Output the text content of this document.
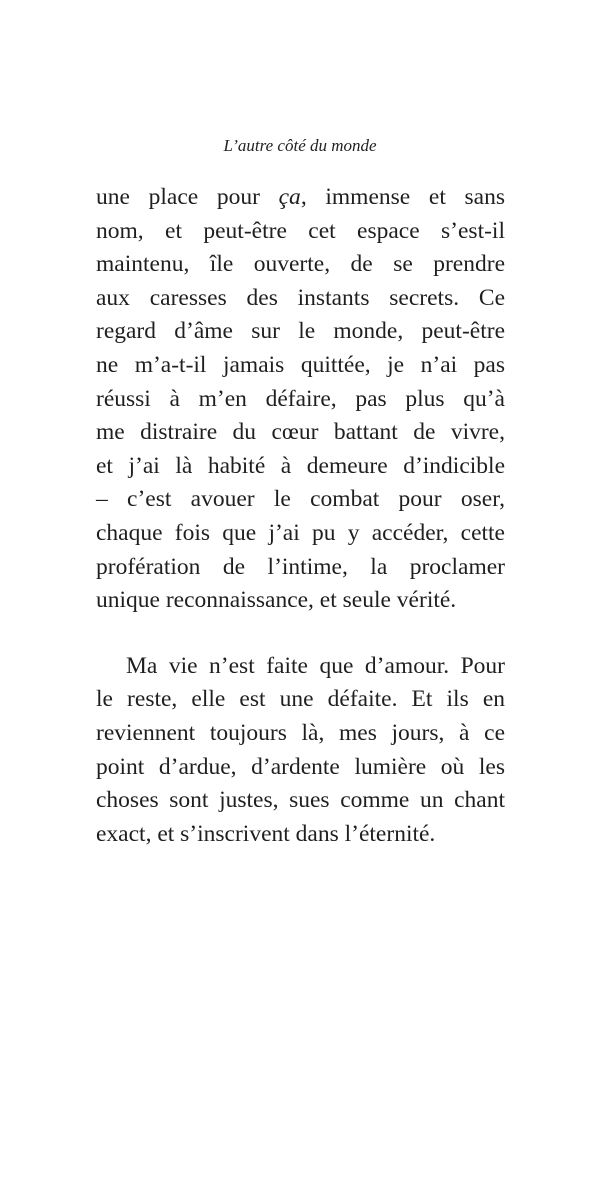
L’autre côté du monde
une place pour ça, immense et sans
nom, et peut-être cet espace s’est-il
maintenu, île ouverte, de se prendre
aux caresses des instants secrets. Ce
regard d’âme sur le monde, peut-être
ne m’a-t-il jamais quittée, je n’ai pas
réussi à m’en défaire, pas plus qu’à
me distraire du cœur battant de vivre,
et j’ai là habité à demeure d’indicible
– c’est avouer le combat pour oser,
chaque fois que j’ai pu y accéder, cette
profération de l’intime, la proclamer
unique reconnaissance, et seule vérité.
Ma vie n’est faite que d’amour. Pour
le reste, elle est une défaite. Et ils en
reviennent toujours là, mes jours, à ce
point d’ardue, d’ardente lumière où les
choses sont justes, sues comme un chant
exact, et s’inscrivent dans l’éternité.
